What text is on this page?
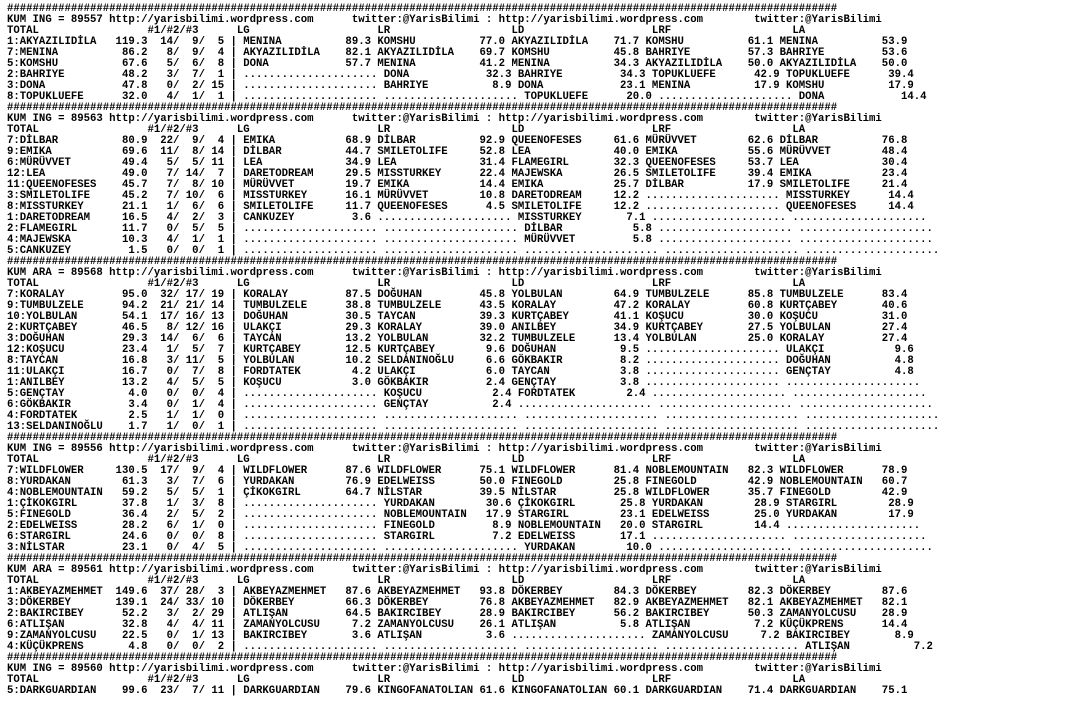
##################################################################################################################################
KUM ING = 89557 http://yarisbilimi.wordpress.com      twitter:@YarisBilimi : http://yarisbilimi.wordpress.com        twitter:@YarisBilimi
TOTAL                 #1/#2/#3      LG                    LR                   LD                    LRF                   LA
1:AKYAZILIDİLA   119.3  14/  9/  5 | MENINA          89.3 KOMSHU          77.0 AKYAZILIDİLA    71.7 KOMSHU          61.1 MENINA          53.9
7:MENINA          86.2   8/  9/  4 | AKYAZILIDİLA    82.1 AKYAZILIDİLA    69.7 KOMSHU          45.8 BAHRIYE         57.3 BAHRIYE         53.6
5:KOMSHU          67.6   5/  6/  8 | DONA            57.7 MENINA          41.2 MENINA          34.3 AKYAZILIDİLA    50.0 AKYAZILIDİLA    50.0
2:BAHRIYE         48.2   3/  7/  1 | ..................... DONA            32.3 BAHRIYE         34.3 TOPUKLUEFE      42.9 TOPUKLUEFE      39.4
3:DONA            47.8   0/  2/ 15 | ..................... BAHRIYE          8.9 DONA            23.1 MENINA          17.9 KOMSHU          17.9
8:TOPUKLUEFE      32.0   4/  1/  1 | ..................... ..................... TOPUKLUEFE      20.0 ..................... DONA            14.4
##################################################################################################################################
KUM ING = 89563 http://yarisbilimi.wordpress.com      twitter:@YarisBilimi : http://yarisbilimi.wordpress.com        twitter:@YarisBilimi
TOTAL                 #1/#2/#3      LG                    LR                   LD                    LRF                   LA
7:DİLBAR          80.9  22/  9/  4 | EMIKA           68.9 DİLBAR          92.9 QUEENOFESES     61.6 MÜRÜVVET        62.6 DİLBAR          76.8
9:EMIKA           69.6  11/  8/ 14 | DİLBAR          44.7 SMILETOLIFE     52.8 LEA             40.0 EMIKA           55.6 MÜRÜVVET        48.4
6:MÜRÜVVET        49.4   5/  5/ 11 | LEA             34.9 LEA             31.4 FLAMEGIRL       32.3 QUEENOFESES     53.7 LEA             30.4
12:LEA            49.0   7/ 14/  7 | DARETODREAM     29.5 MISSTURKEY      22.4 MAJEWSKA        26.5 SMILETOLIFE     39.4 EMIKA           23.4
11:QUEENOFESES    45.7   7/  8/ 10 | MÜRÜVVET        19.7 EMIKA           14.4 EMIKA           25.7 DİLBAR          17.9 SMILETOLIFE     21.4
3:SMILETOLIFE     45.2   7/ 10/  6 | MISSTURKEY      16.1 MÜRÜVVET        10.8 DARETODREAM     12.2 ..................... MISSTURKEY      14.4
8:MISSTURKEY      21.1   1/  6/  6 | SMILETOLIFE     11.7 QUEENOFESES      4.5 SMILETOLIFE     12.2 ..................... QUEENOFESES     14.4
1:DARETODREAM     16.5   4/  2/  3 | CANKUZEY         3.6 ..................... MISSTURKEY       7.1 ..................... .....................
2:FLAMEGIRL       11.7   0/  5/  5 | ..................... ..................... DİLBAR           5.8 ..................... .....................
4:MAJEWSKA        10.3   4/  1/  1 | ..................... ..................... MÜRÜVVET         5.8 ..................... .....................
5:CANKUZEY         1.5   0/  0/  1 | ..................... ..................... ..................... ..................... .....................
##################################################################################################################################
KUM ARA = 89568 http://yarisbilimi.wordpress.com      twitter:@YarisBilimi : http://yarisbilimi.wordpress.com        twitter:@YarisBilimi
TOTAL                 #1/#2/#3      LG                    LR                   LD                    LRF                   LA
7:KORALAY         95.0  32/ 17/ 19 | KORALAY         87.5 DOĞUHAN         45.8 YOLBULAN        64.9 TUMBULZELE      85.8 TUMBULZELE      83.4
9:TUMBULZELE      94.2  21/ 21/ 14 | TUMBULZELE      38.8 TUMBULZELE      43.5 KORALAY         47.2 KORALAY         60.8 KURTÇABEY       40.6
10:YOLBULAN       54.1  17/ 16/ 13 | DOĞUHAN         30.5 TAYCAN          39.3 KURTÇABEY       41.1 KOŞUCU          30.0 KOŞUCU          31.0
2:KURTÇABEY       46.5   8/ 12/ 16 | ULAKÇI          29.3 KORALAY         39.0 ANILBEY         34.9 KURTÇABEY       27.5 YOLBULAN        27.4
3:DOĞUHAN         29.3  14/  6/  6 | TAYCAN          13.2 YOLBULAN        32.2 TUMBULZELE      13.4 YOLBULAN        25.0 KORALAY         27.4
12:KOŞUCU         23.4   1/  5/  7 | KURTÇABEY       12.5 KURTÇABEY        9.6 DOĞUHAN          9.5 ..................... ULAKÇI           9.6
8:TAYCAN          16.8   3/ 11/  5 | YOLBULAN        10.2 SELDANINOĞLU     6.6 GÖKBAKIR         8.2 ..................... DOĞUHAN          4.8
11:ULAKÇI         16.7   0/  7/  8 | FORDTATEK        4.2 ULAKÇI           6.0 TAYCAN           3.8 ..................... GENÇTAY          4.8
1:ANILBEY         13.2   4/  5/  5 | KOŞUCU           3.0 GÖKBAKIR         2.4 GENÇTAY          3.8 ..................... .....................
5:GENÇTAY          4.0   0/  0/  4 | ..................... KOŞUCU           2.4 FORDTATEK        2.4 ..................... .....................
6:GÖKBAKIR         3.4   0/  1/  4 | ..................... GENÇTAY          2.4 ..................... ..................... .....................
4:FORDTATEK        2.5   1/  1/  0 | ..................... ..................... ..................... ..................... .....................
13:SELDANINOĞLU    1.7   1/  0/  1 | ..................... ..................... ..................... ..................... .....................
##################################################################################################################################
KUM ING = 89556 http://yarisbilimi.wordpress.com      twitter:@YarisBilimi : http://yarisbilimi.wordpress.com        twitter:@YarisBilimi
TOTAL                 #1/#2/#3      LG                    LR                   LD                    LRF                   LA
7:WILDFLOWER     130.5  17/  9/  4 | WILDFLOWER      87.6 WILDFLOWER      75.1 WILDFLOWER      81.4 NOBLEMOUNTAIN   82.3 WILDFLOWER      78.9
8:YURDAKAN        61.3   3/  7/  6 | YURDAKAN        76.9 EDELWEISS       50.0 FINEGOLD        25.8 FINEGOLD        42.9 NOBLEMOUNTAIN   60.7
4:NOBLEMOUNTAIN   59.2   5/  5/  1 | ÇİKOKGIRL       64.7 NİLSTAR         39.5 NİLSTAR         25.8 WILDFLOWER      35.7 FINEGOLD        42.9
1:ÇİKOKGIRL       37.8   1/  3/  8 | ..................... YURDAKAN        30.6 ÇİKOKGIRL       25.8 YURDAKAN        28.9 STARGIRL        28.9
5:FINEGOLD        36.4   2/  5/  2 | ..................... NOBLEMOUNTAIN   17.9 STARGIRL        23.1 EDELWEISS       25.0 YURDAKAN        17.9
2:EDELWEISS       28.2   6/  1/  0 | ..................... FINEGOLD         8.9 NOBLEMOUNTAIN   20.0 STARGIRL        14.4 .....................
6:STARGIRL        24.6   0/  0/  8 | ..................... STARGIRL         7.2 EDELWEISS       17.1 ..................... .....................
3:NİLSTAR         23.1   0/  4/  5 | ..................... ..................... YURDAKAN        10.0 ..................... .....................
##################################################################################################################################
KUM ARA = 89561 http://yarisbilimi.wordpress.com      twitter:@YarisBilimi : http://yarisbilimi.wordpress.com        twitter:@YarisBilimi
TOTAL                 #1/#2/#3      LG                    LR                   LD                    LRF                   LA
1:AKBEYAZMEHMET  149.6  37/ 28/  3 | AKBEYAZMEHMET   87.6 AKBEYAZMEHMET   93.8 DÖKERBEY        84.3 DÖKERBEY        82.3 DÖKERBEY        87.6
3:DÖKERBEY       139.1  24/ 33/ 10 | DÖKERBEY        66.3 DÖKERBEY        76.8 AKBEYAZMEHMET   82.9 AKBEYAZMEHMET   82.1 AKBEYAZMEHMET   82.1
2:BAKIRCIBEY      52.2   3/  2/ 29 | ATLIŞAN         64.5 BAKIRCIBEY      28.9 BAKIRCIBEY      56.2 BAKIRCIBEY      50.3 ZAMANYOLCUSU    28.9
6:ATLIŞAN         32.8   4/  4/ 11 | ZAMANYOLCUSU     7.2 ZAMANYOLCUSU    26.1 ATLIŞAN          5.8 ATLIŞAN          7.2 KÜÇÜKPRENS      14.4
9:ZAMANYOLCUSU    22.5   0/  1/ 13 | BAKIRCIBEY       3.6 ATLIŞAN          3.6 ..................... ZAMANYOLCUSU     7.2 BAKIRCIBEY       8.9
4:KÜÇÜKPRENS       4.8   0/  0/  2 | ..................... ..................... ..................... ..................... ATLIŞAN          7.2
##################################################################################################################################
KUM ING = 89560 http://yarisbilimi.wordpress.com      twitter:@YarisBilimi : http://yarisbilimi.wordpress.com        twitter:@YarisBilimi
TOTAL                 #1/#2/#3      LG                    LR                   LD                    LRF                   LA
5:DARKGUARDIAN    99.6  23/  7/ 11 | DARKGUARDIAN    79.6 KINGOFANATOLIAN 61.6 KINGOFANATOLIAN 60.1 DARKGUARDIAN    71.4 DARKGUARDIAN    75.1
